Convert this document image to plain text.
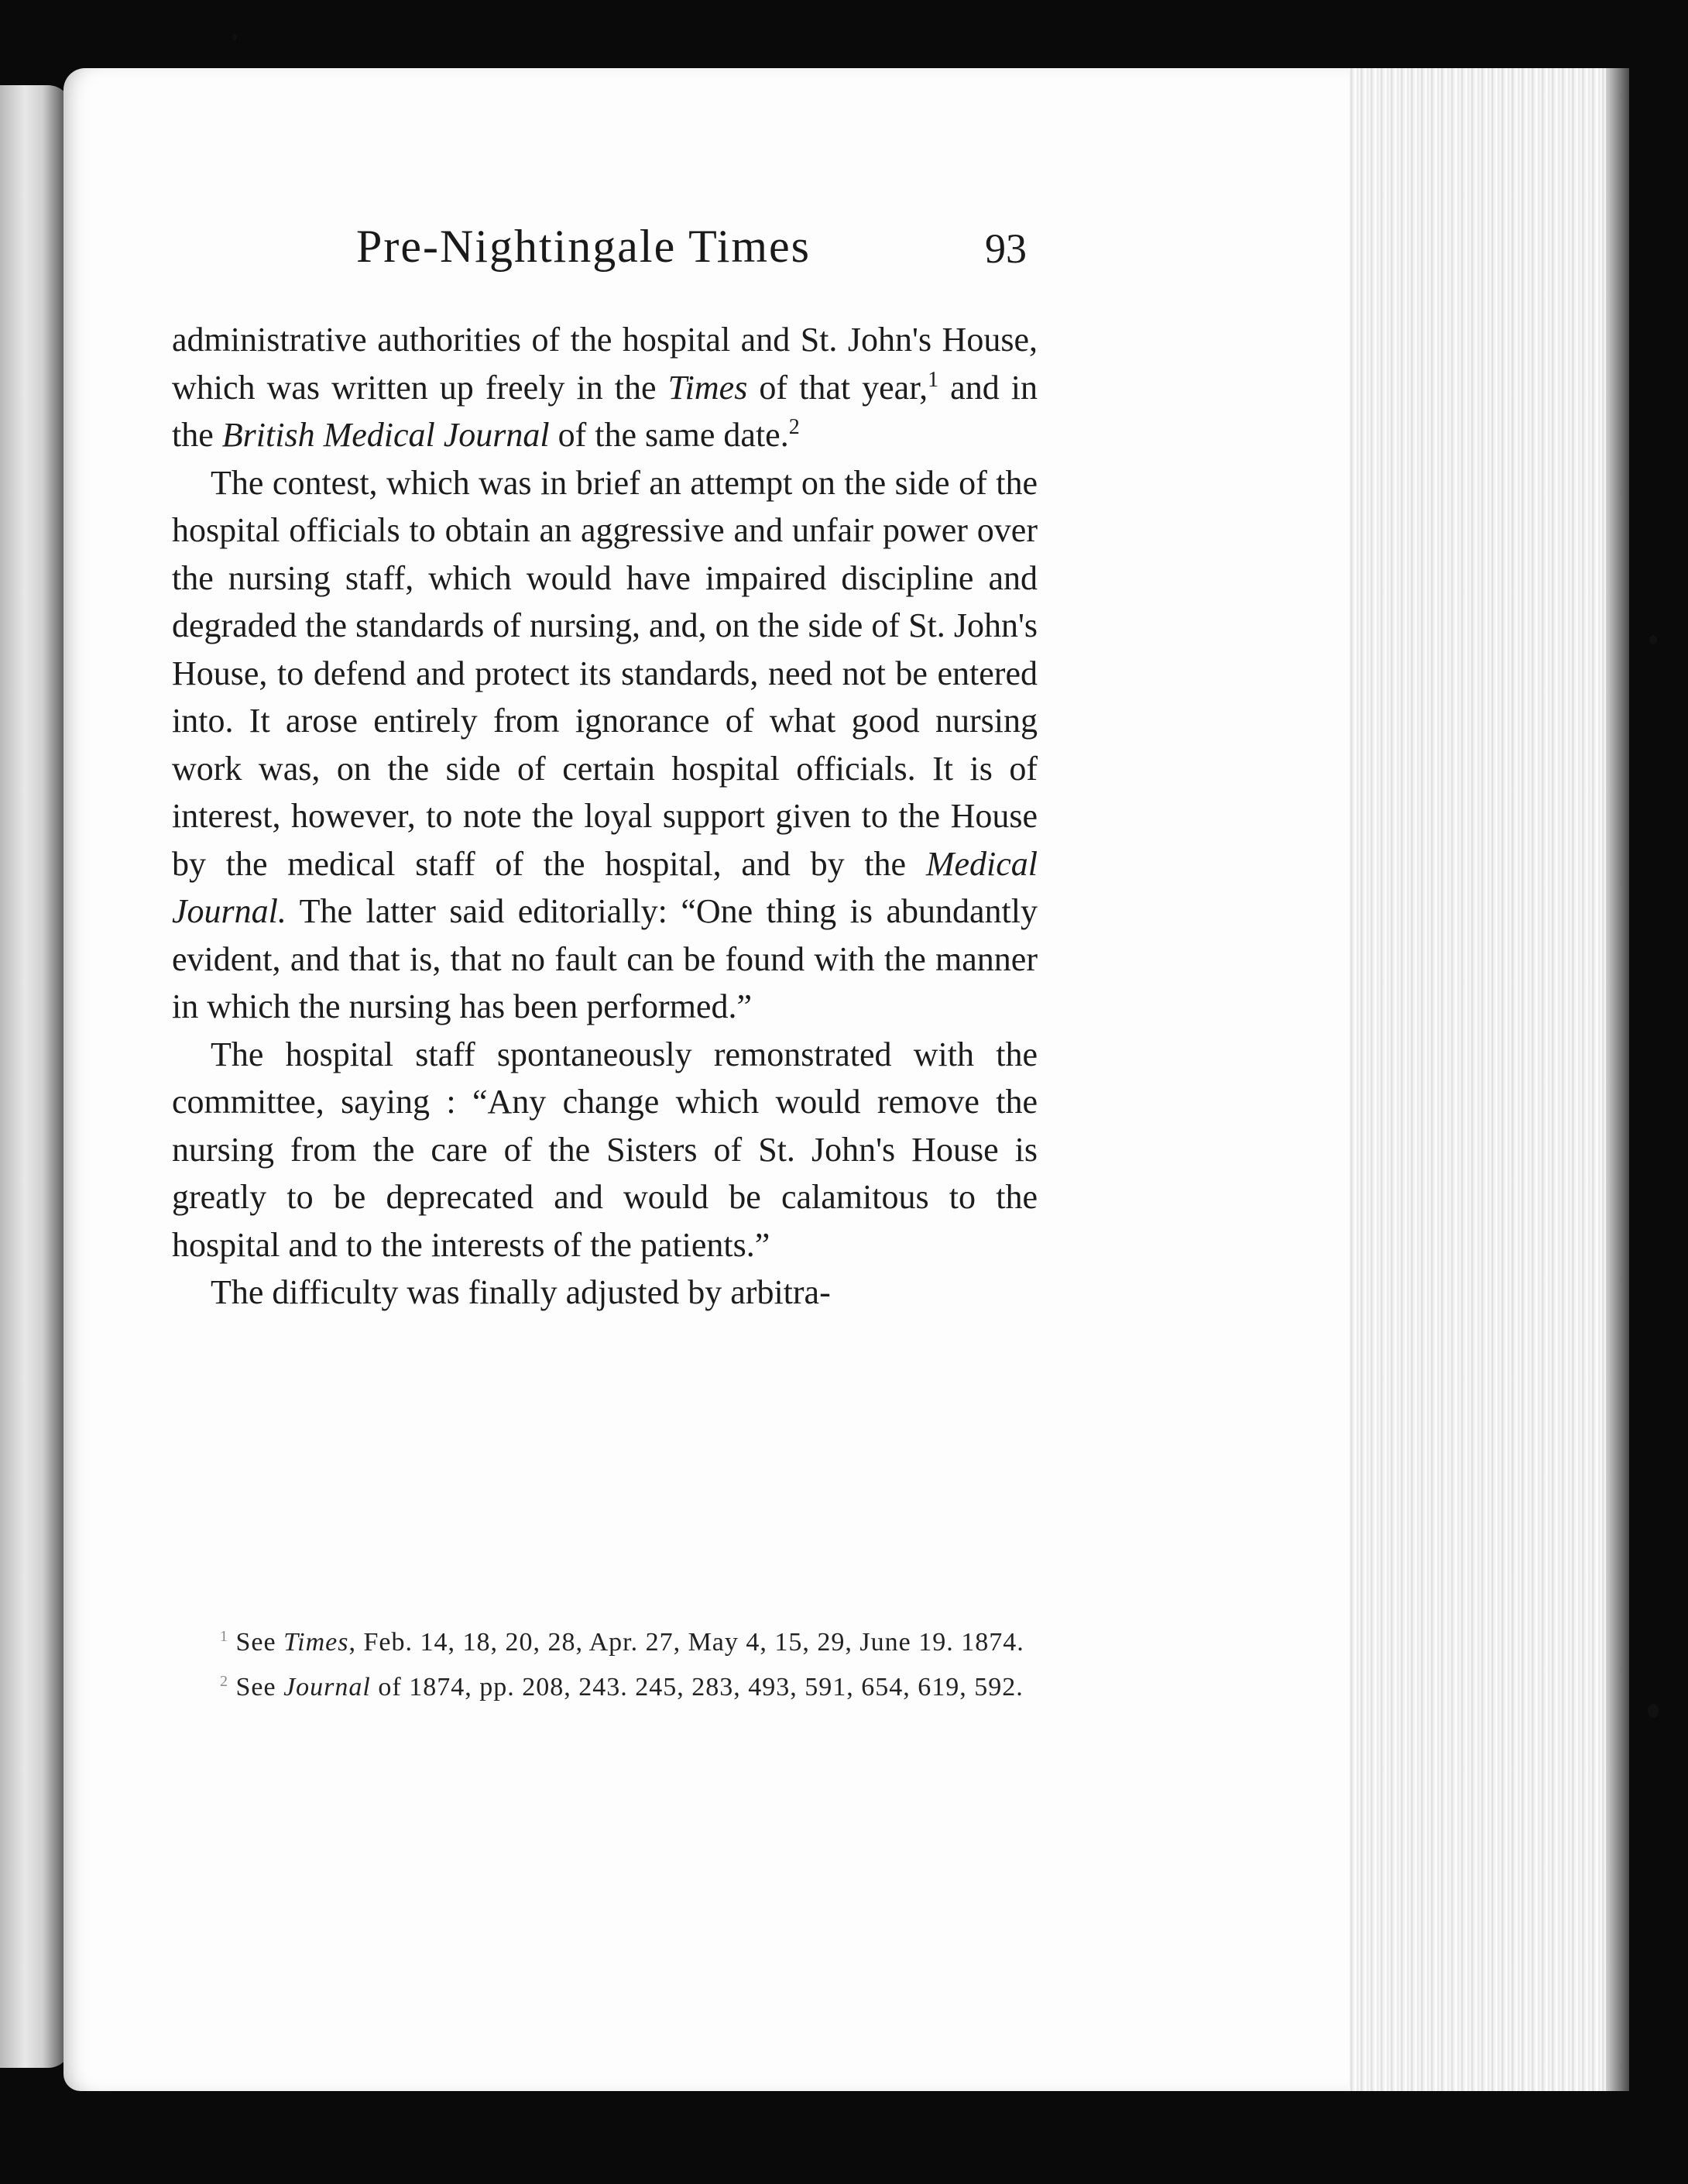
Pre-Nightingale Times	93

administrative authorities of the hospital and St. John's House, which was written up freely in the Times of that year,$^1$ and in the British Medical Journal of the same date.$^2$

The contest, which was in brief an attempt on the side of the hospital officials to obtain an aggressive and unfair power over the nursing staff, which would have impaired discipline and degraded the standards of nursing, and, on the side of St. John's House, to defend and protect its standards, need not be entered into. It arose entirely from ignorance of what good nursing work was, on the side of certain hospital officials. It is of interest, however, to note the loyal support given to the House by the medical staff of the hospital, and by the Medical Journal. The latter said editorially: “One thing is abundantly evident, and that is, that no fault can be found with the manner in which the nursing has been performed.”

The hospital staff spontaneously remonstrated with the committee, saying : “Any change which would remove the nursing from the care of the Sisters of St. John's House is greatly to be deprecated and would be calamitous to the hospital and to the interests of the patients.”

The difficulty was finally adjusted by arbitra-

$^1$ See Times, Feb. 14, 18, 20, 28, Apr. 27, May 4, 15, 29, June 19. 1874.

$^2$ See Journal of 1874, pp. 208, 243. 245, 283, 493, 591, 654, 619, 592.
